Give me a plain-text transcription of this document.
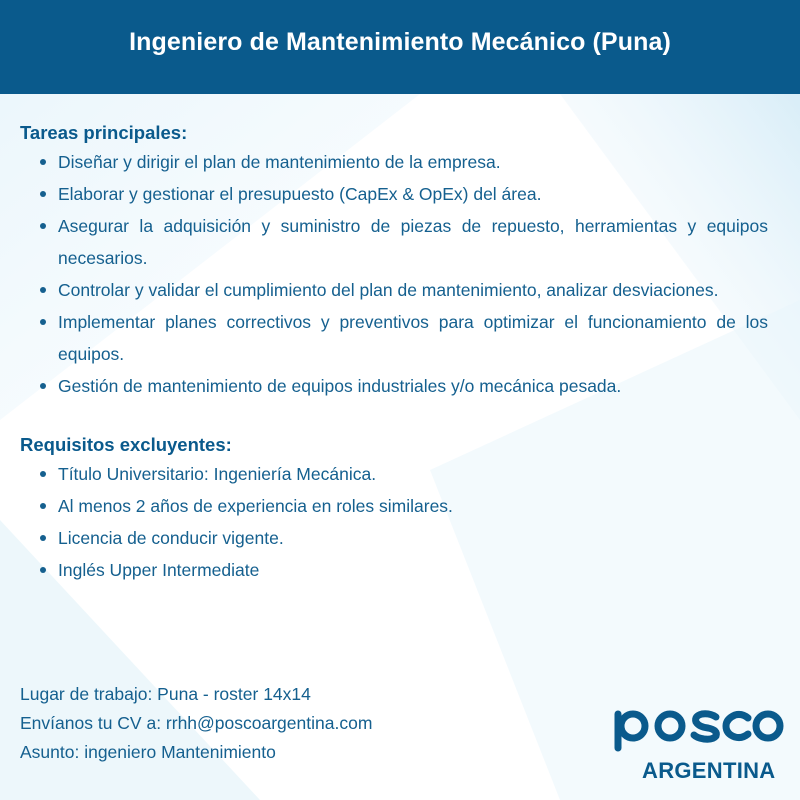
Ingeniero de Mantenimiento Mecánico (Puna)
Tareas principales:
Diseñar y dirigir el plan de mantenimiento de la empresa.
Elaborar y gestionar el presupuesto (CapEx & OpEx) del área.
Asegurar la adquisición y suministro de piezas de repuesto, herramientas y equipos necesarios.
Controlar y validar el cumplimiento del plan de mantenimiento, analizar desviaciones.
Implementar planes correctivos y preventivos para optimizar el funcionamiento de los equipos.
Gestión de mantenimiento de equipos industriales y/o mecánica pesada.
Requisitos excluyentes:
Título Universitario: Ingeniería Mecánica.
Al menos 2 años de experiencia en roles similares.
Licencia de conducir vigente.
Inglés Upper Intermediate
Lugar de trabajo: Puna - roster 14x14
Envíanos tu CV a: rrhh@poscoargentina.com
Asunto: ingeniero Mantenimiento
ARGENTINA
